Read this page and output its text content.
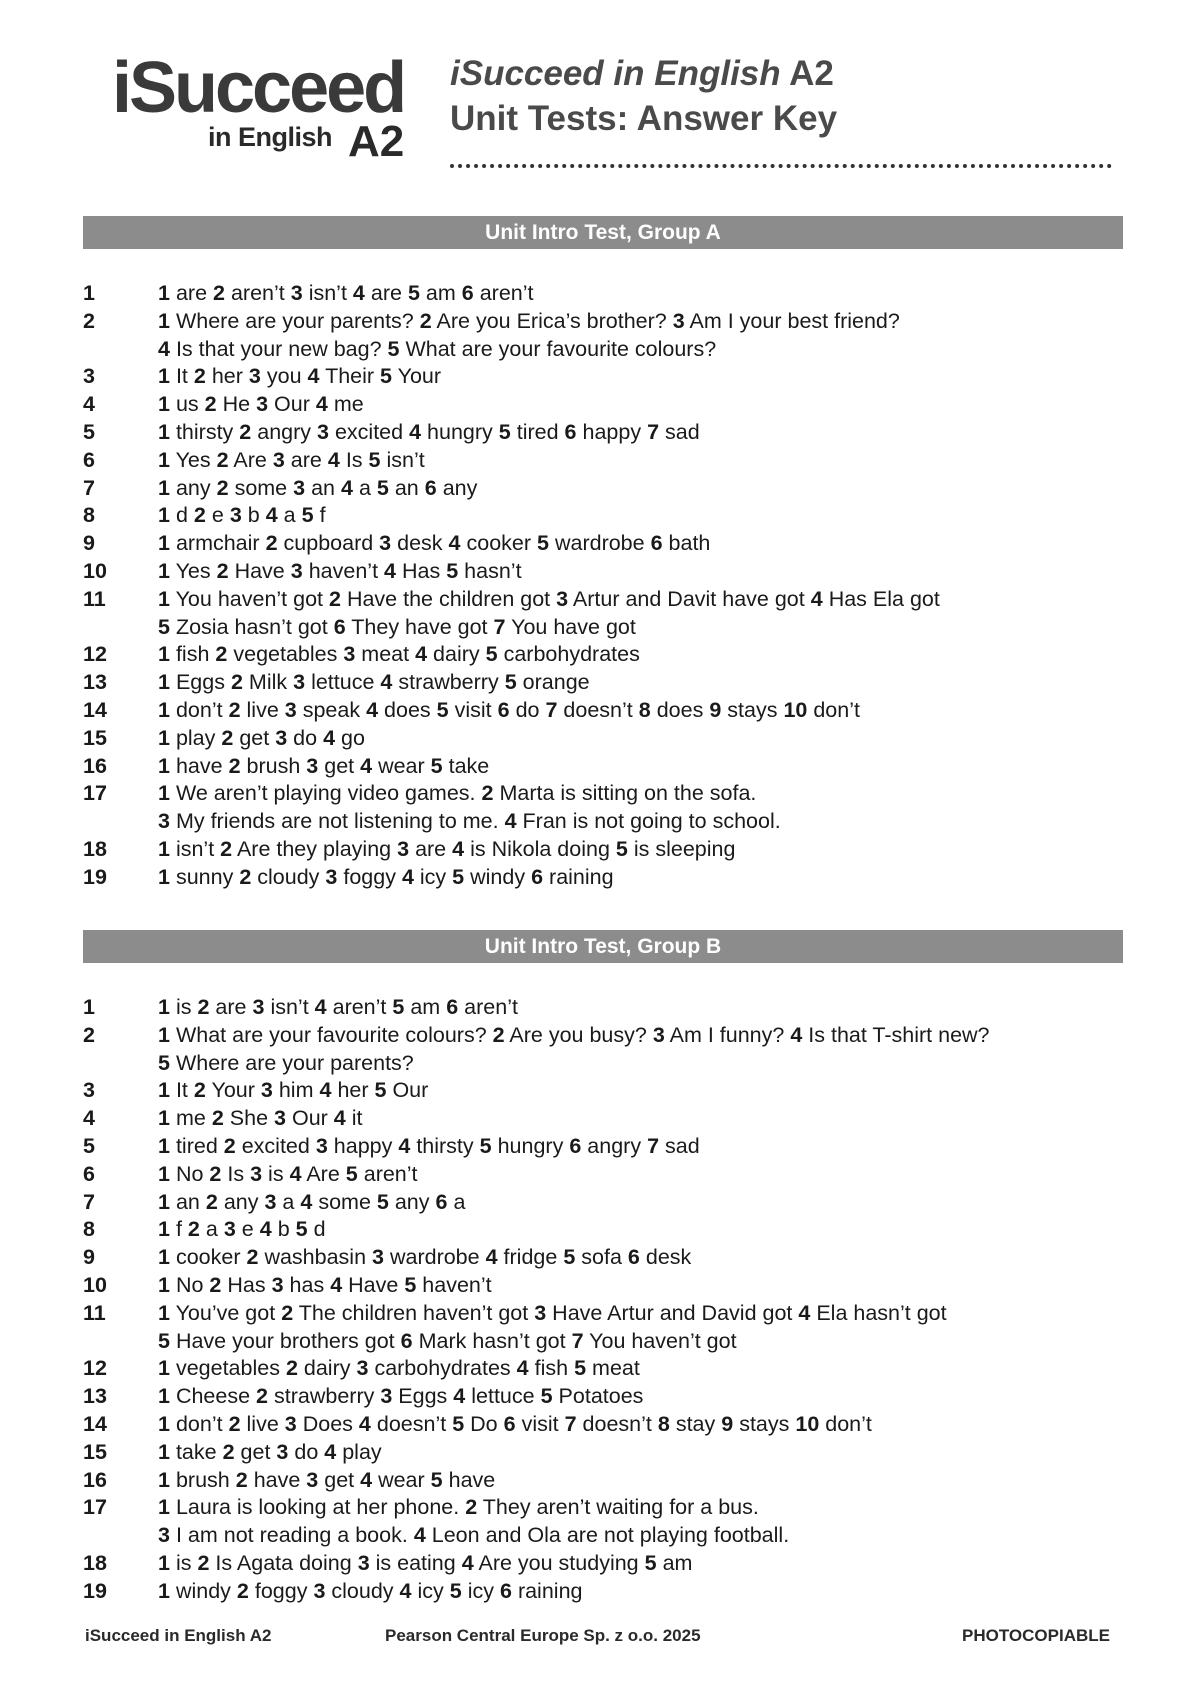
iSucceed
in English A2
iSucceed in English A2
Unit Tests: Answer Key
Unit Intro Test, Group A
1	1 are 2 aren’t 3 isn’t 4 are 5 am 6 aren’t
2	1 Where are your parents? 2 Are you Erica’s brother? 3 Am I your best friend?
4 Is that your new bag? 5 What are your favourite colours?
3	1 It 2 her 3 you 4 Their 5 Your
4	1 us 2 He 3 Our 4 me
5	1 thirsty 2 angry 3 excited 4 hungry 5 tired 6 happy 7 sad
6	1 Yes 2 Are 3 are 4 Is 5 isn’t
7	1 any 2 some 3 an 4 a 5 an 6 any
8	1 d 2 e 3 b 4 a 5 f
9	1 armchair 2 cupboard 3 desk 4 cooker 5 wardrobe 6 bath
10	1 Yes 2 Have 3 haven’t 4 Has 5 hasn’t
11	1 You haven’t got 2 Have the children got 3 Artur and Davit have got 4 Has Ela got
5 Zosia hasn’t got 6 They have got 7 You have got
12	1 fish 2 vegetables 3 meat 4 dairy 5 carbohydrates
13	1 Eggs 2 Milk 3 lettuce 4 strawberry 5 orange
14	1 don’t 2 live 3 speak 4 does 5 visit 6 do 7 doesn’t 8 does 9 stays 10 don’t
15	1 play 2 get 3 do 4 go
16	1 have 2 brush 3 get 4 wear 5 take
17	1 We aren’t playing video games. 2 Marta is sitting on the sofa.
3 My friends are not listening to me. 4 Fran is not going to school.
18	1 isn’t 2 Are they playing 3 are 4 is Nikola doing 5 is sleeping
19	1 sunny 2 cloudy 3 foggy 4 icy 5 windy 6 raining
Unit Intro Test, Group B
1	1 is 2 are 3 isn’t 4 aren’t 5 am 6 aren’t
2	1 What are your favourite colours? 2 Are you busy? 3 Am I funny? 4 Is that T-shirt new?
5 Where are your parents?
3	1 It 2 Your 3 him 4 her 5 Our
4	1 me 2 She 3 Our 4 it
5	1 tired 2 excited 3 happy 4 thirsty 5 hungry 6 angry 7 sad
6	1 No 2 Is 3 is 4 Are 5 aren’t
7	1 an 2 any 3 a 4 some 5 any 6 a
8	1 f 2 a 3 e 4 b 5 d
9	1 cooker 2 washbasin 3 wardrobe 4 fridge 5 sofa 6 desk
10	1 No 2 Has 3 has 4 Have 5 haven’t
11	1 You’ve got 2 The children haven’t got 3 Have Artur and David got 4 Ela hasn’t got
5 Have your brothers got 6 Mark hasn’t got 7 You haven’t got
12	1 vegetables 2 dairy 3 carbohydrates 4 fish 5 meat
13	1 Cheese 2 strawberry 3 Eggs 4 lettuce 5 Potatoes
14	1 don’t 2 live 3 Does 4 doesn’t 5 Do 6 visit 7 doesn’t 8 stay 9 stays 10 don’t
15	1 take 2 get 3 do 4 play
16	1 brush 2 have 3 get 4 wear 5 have
17	1 Laura is looking at her phone. 2 They aren’t waiting for a bus.
3 I am not reading a book. 4 Leon and Ola are not playing football.
18	1 is 2 Is Agata doing 3 is eating 4 Are you studying 5 am
19	1 windy 2 foggy 3 cloudy 4 icy 5 icy 6 raining
iSucceed in English A2	Pearson Central Europe Sp. z o.o. 2025	PHOTOCOPIABLE
